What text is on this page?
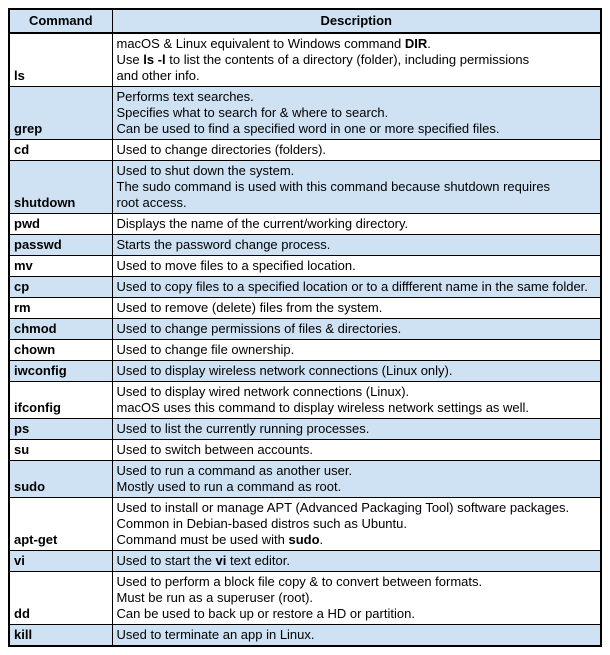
Command	Description
ls	macOS & Linux equivalent to Windows command DIR.
Use ls -l to list the contents of a directory (folder), including permissions
and other info.

grep	Performs text searches.
Specifies what to search for & where to search.
Can be used to find a specified word in one or more specified files.

cd	Used to change directories (folders).

shutdown	Used to shut down the system.
The sudo command is used with this command because shutdown requires
root access.

pwd	Displays the name of the current/working directory.

passwd	Starts the password change process.

mv	Used to move files to a specified location.

cp	Used to copy files to a specified location or to a diffferent name in the same folder.

rm	Used to remove (delete) files from the system.

chmod	Used to change permissions of files & directories.

chown	Used to change file ownership.

iwconfig	Used to display wireless network connections (Linux only).

ifconfig	Used to display wired network connections (Linux).
macOS uses this command to display wireless network settings as well.

ps	Used to list the currently running processes.

su	Used to switch between accounts.

sudo	Used to run a command as another user.
Mostly used to run a command as root.

apt-get	Used to install or manage APT (Advanced Packaging Tool) software packages.
Common in Debian-based distros such as Ubuntu.
Command must be used with sudo.

vi	Used to start the vi text editor.

dd	Used to perform a block file copy & to convert between formats.
Must be run as a superuser (root).
Can be used to back up or restore a HD or partition.

kill	Used to terminate an app in Linux.
